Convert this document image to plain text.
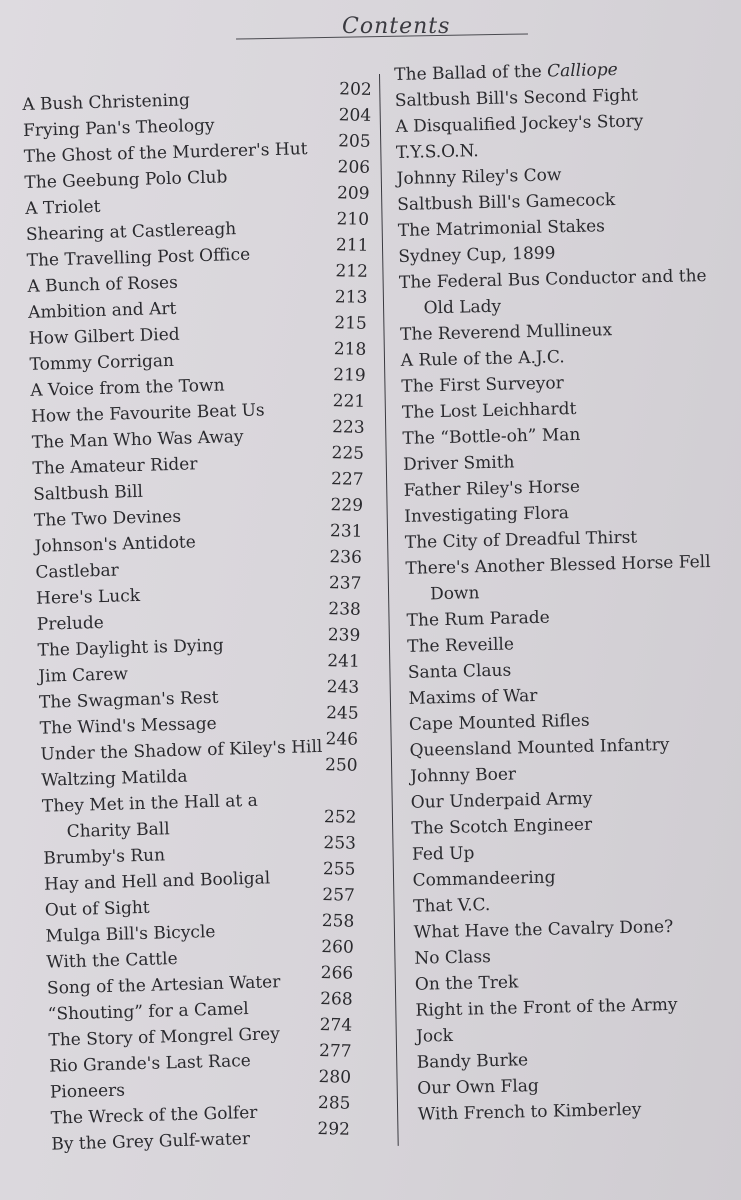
Contents
A Bush Christening
Frying Pan's Theology
The Ghost of the Murderer's Hut
The Geebung Polo Club
A Triolet
Shearing at Castlereagh
The Travelling Post Office
A Bunch of Roses
Ambition and Art
How Gilbert Died
Tommy Corrigan
A Voice from the Town
How the Favourite Beat Us
The Man Who Was Away
The Amateur Rider
Saltbush Bill
The Two Devines
Johnson's Antidote
Castlebar
Here's Luck
Prelude
The Daylight is Dying
Jim Carew
The Swagman's Rest
The Wind's Message
Under the Shadow of Kiley's Hill
Waltzing Matilda
They Met in the Hall at a
Charity Ball
Brumby's Run
Hay and Hell and Booligal
Out of Sight
Mulga Bill's Bicycle
With the Cattle
Song of the Artesian Water
“Shouting” for a Camel
The Story of Mongrel Grey
Rio Grande's Last Race
Pioneers
The Wreck of the Golfer
By the Grey Gulf-water
202
204
205
206
209
210
211
212
213
215
218
219
221
223
225
227
229
231
236
237
238
239
241
243
245
246
250
252
253
255
257
258
260
266
268
274
277
280
285
292
The Ballad of the Calliope
Saltbush Bill's Second Fight
A Disqualified Jockey's Story
T.Y.S.O.N.
Johnny Riley's Cow
Saltbush Bill's Gamecock
The Matrimonial Stakes
Sydney Cup, 1899
The Federal Bus Conductor and the
Old Lady
The Reverend Mullineux
A Rule of the A.J.C.
The First Surveyor
The Lost Leichhardt
The “Bottle-oh” Man
Driver Smith
Father Riley's Horse
Investigating Flora
The City of Dreadful Thirst
There's Another Blessed Horse Fell
Down
The Rum Parade
The Reveille
Santa Claus
Maxims of War
Cape Mounted Rifles
Queensland Mounted Infantry
Johnny Boer
Our Underpaid Army
The Scotch Engineer
Fed Up
Commandeering
That V.C.
What Have the Cavalry Done?
No Class
On the Trek
Right in the Front of the Army
Jock
Bandy Burke
Our Own Flag
With French to Kimberley
